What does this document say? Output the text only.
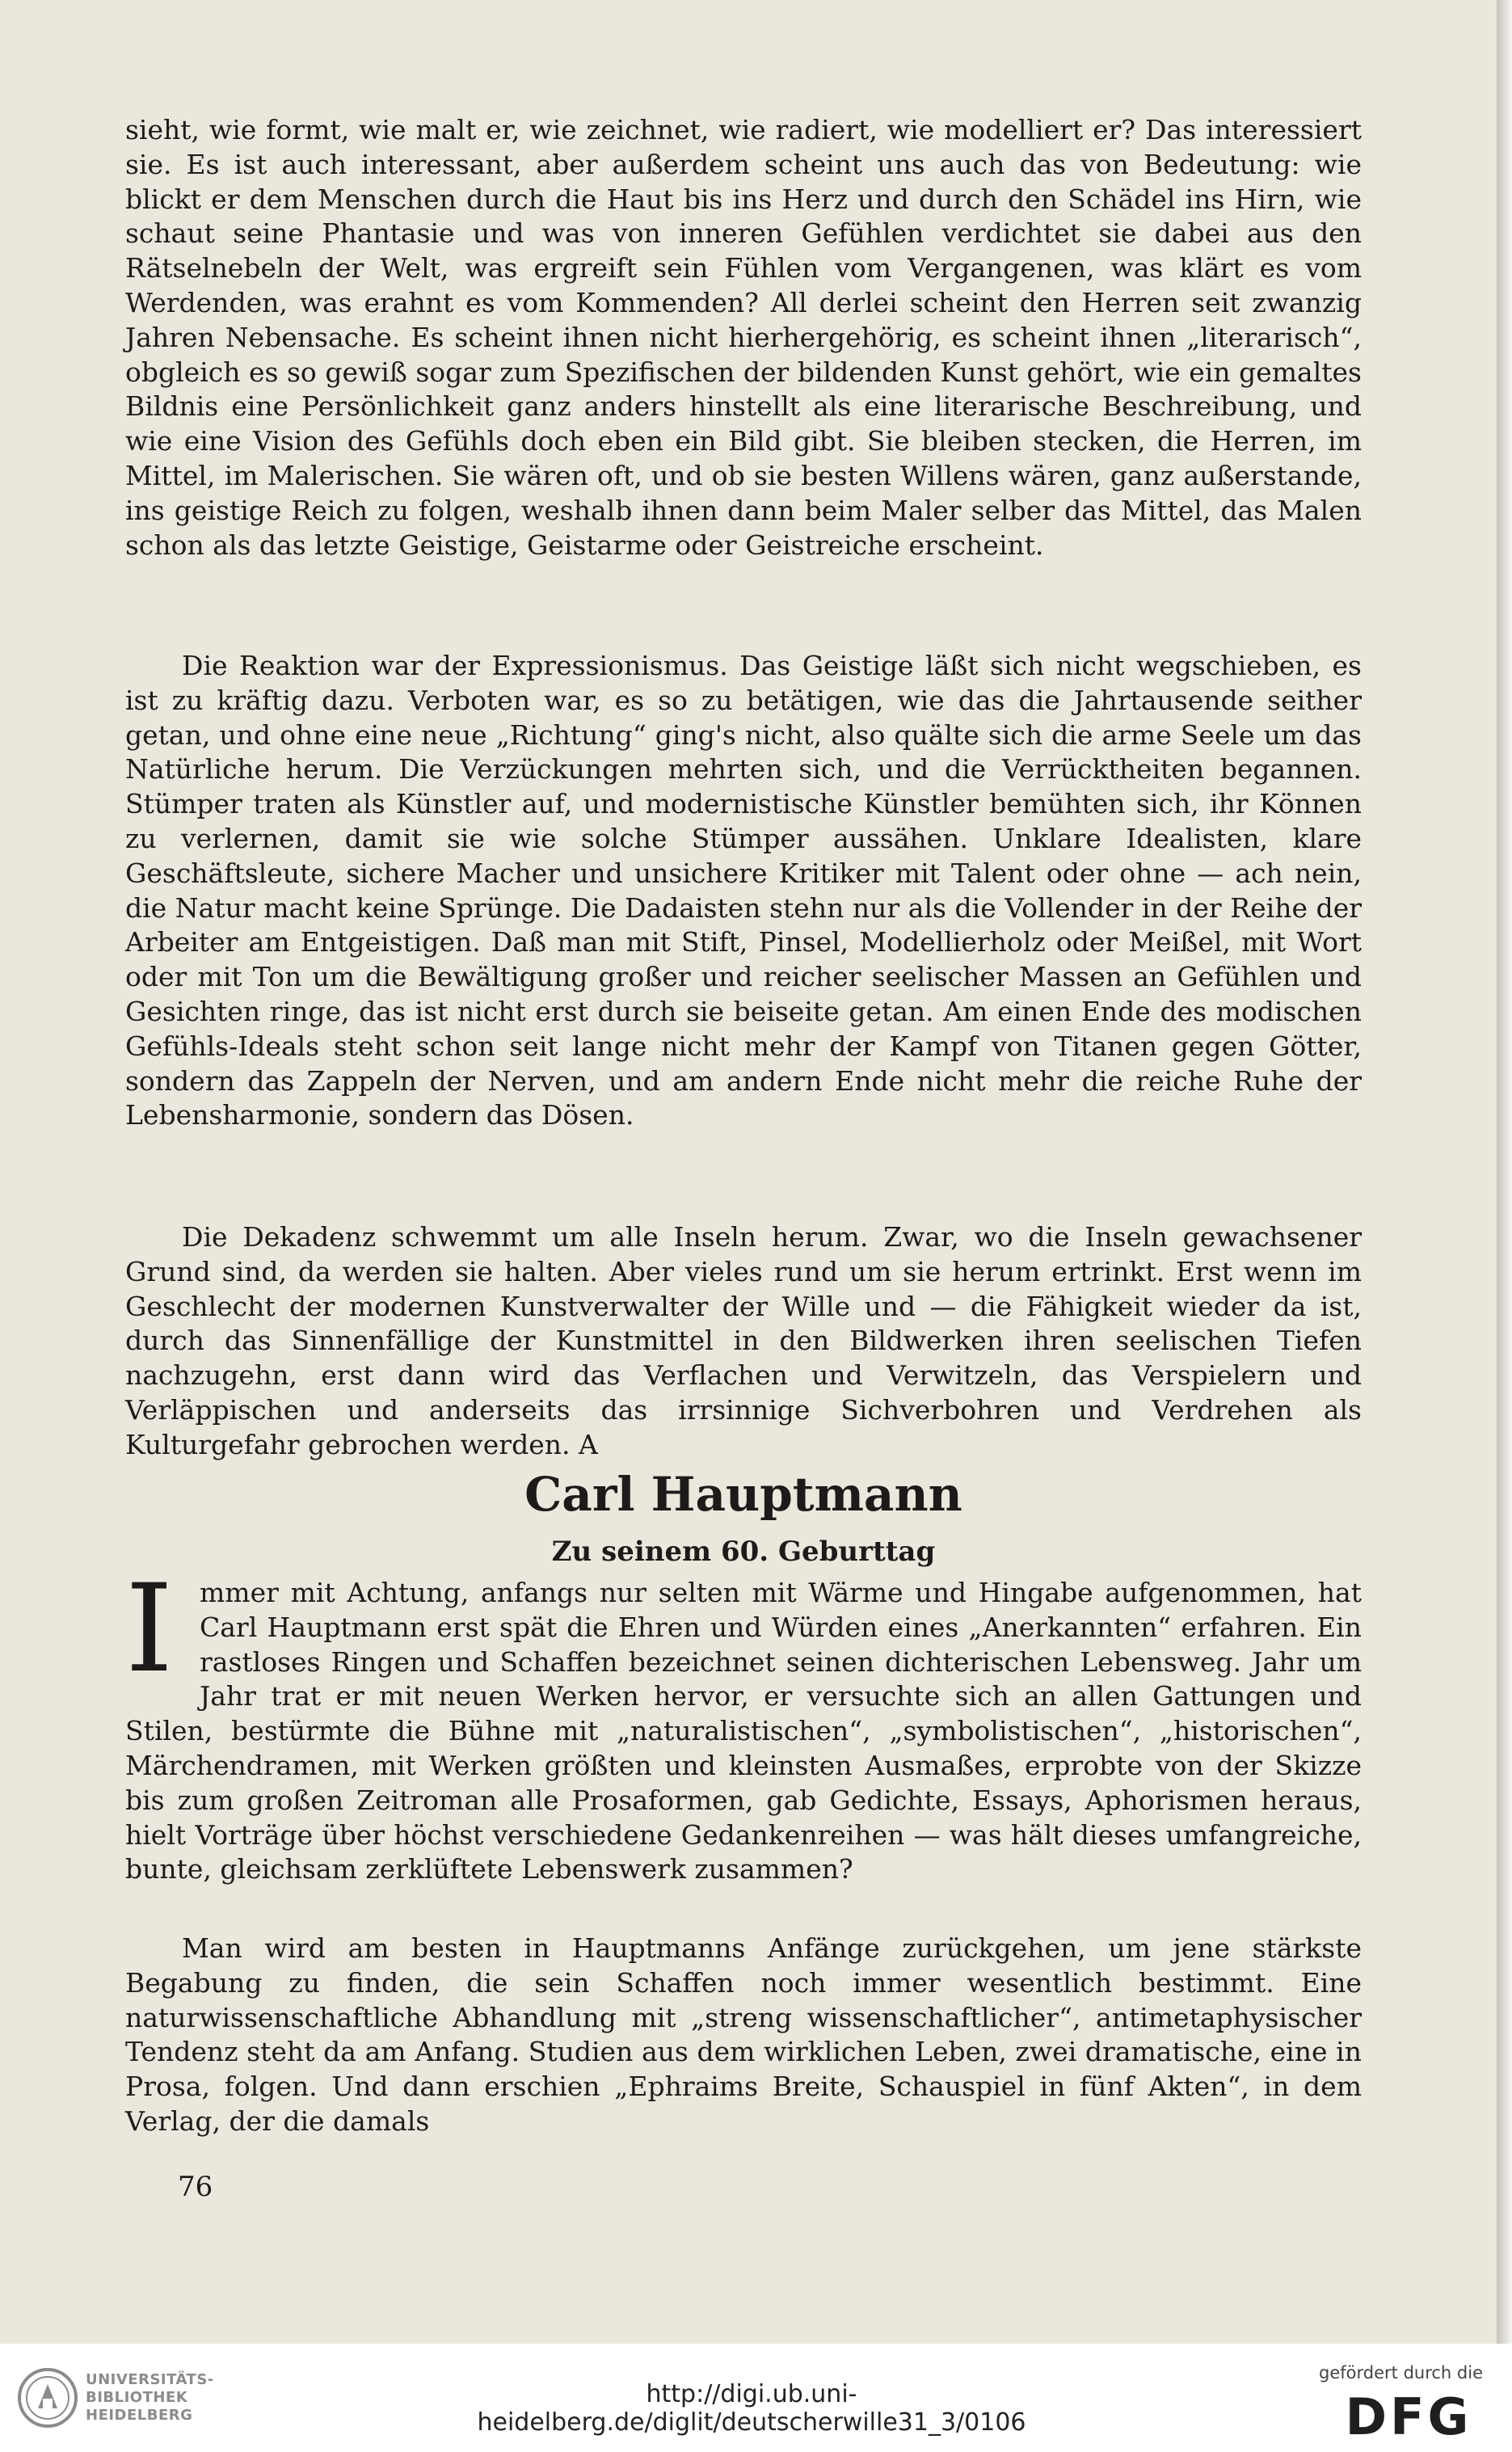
sieht, wie formt, wie malt er, wie zeichnet, wie radiert, wie modelliert er? Das interessiert sie. Es ist auch interessant, aber außerdem scheint uns auch das von Bedeutung: wie blickt er dem Menschen durch die Haut bis ins Herz und durch den Schädel ins Hirn, wie schaut seine Phantasie und was von inneren Gefühlen verdichtet sie dabei aus den Rätselnebeln der Welt, was ergreift sein Fühlen vom Vergangenen, was klärt es vom Werdenden, was erahnt es vom Kommenden? All derlei scheint den Herren seit zwanzig Jahren Nebensache. Es scheint ihnen nicht hierhergehörig, es scheint ihnen „literarisch“, obgleich es so gewiß sogar zum Spezifischen der bildenden Kunst gehört, wie ein gemaltes Bildnis eine Persönlichkeit ganz anders hinstellt als eine literarische Beschreibung, und wie eine Vision des Gefühls doch eben ein Bild gibt. Sie bleiben stecken, die Herren, im Mittel, im Malerischen. Sie wären oft, und ob sie besten Willens wären, ganz außerstande, ins geistige Reich zu folgen, weshalb ihnen dann beim Maler selber das Mittel, das Malen schon als das letzte Geistige, Geistarme oder Geistreiche erscheint.

Die Reaktion war der Expressionismus. Das Geistige läßt sich nicht wegschieben, es ist zu kräftig dazu. Verboten war, es so zu betätigen, wie das die Jahrtausende seither getan, und ohne eine neue „Richtung“ ging's nicht, also quälte sich die arme Seele um das Natürliche herum. Die Verzückungen mehrten sich, und die Verrücktheiten begannen. Stümper traten als Künstler auf, und modernistische Künstler bemühten sich, ihr Können zu verlernen, damit sie wie solche Stümper aussähen. Unklare Idealisten, klare Geschäftsleute, sichere Macher und unsichere Kritiker mit Talent oder ohne — ach nein, die Natur macht keine Sprünge. Die Dadaisten stehn nur als die Vollender in der Reihe der Arbeiter am Entgeistigen. Daß man mit Stift, Pinsel, Modellierholz oder Meißel, mit Wort oder mit Ton um die Bewältigung großer und reicher seelischer Massen an Gefühlen und Gesichten ringe, das ist nicht erst durch sie beiseite getan. Am einen Ende des modischen Gefühls-Ideals steht schon seit lange nicht mehr der Kampf von Titanen gegen Götter, sondern das Zappeln der Nerven, und am andern Ende nicht mehr die reiche Ruhe der Lebensharmonie, sondern das Dösen.

Die Dekadenz schwemmt um alle Inseln herum. Zwar, wo die Inseln gewachsener Grund sind, da werden sie halten. Aber vieles rund um sie herum ertrinkt. Erst wenn im Geschlecht der modernen Kunstverwalter der Wille und — die Fähigkeit wieder da ist, durch das Sinnenfällige der Kunstmittel in den Bildwerken ihren seelischen Tiefen nachzugehn, erst dann wird das Verflachen und Verwitzeln, das Verspielern und Verläppischen und anderseits das irrsinnige Sichverbohren und Verdrehen als Kulturgefahr gebrochen werden. A

Carl Hauptmann
Zu seinem 60. Geburttag

Immer mit Achtung, anfangs nur selten mit Wärme und Hingabe aufgenommen, hat Carl Hauptmann erst spät die Ehren und Würden eines „Anerkannten“ erfahren. Ein rastloses Ringen und Schaffen bezeichnet seinen dichterischen Lebensweg. Jahr um Jahr trat er mit neuen Werken hervor, er versuchte sich an allen Gattungen und Stilen, bestürmte die Bühne mit „naturalistischen“, „symbolistischen“, „historischen“, Märchendramen, mit Werken größten und kleinsten Ausmaßes, erprobte von der Skizze bis zum großen Zeitroman alle Prosaformen, gab Gedichte, Essays, Aphorismen heraus, hielt Vorträge über höchst verschiedene Gedankenreihen — was hält dieses umfangreiche, bunte, gleichsam zerklüftete Lebenswerk zusammen?

Man wird am besten in Hauptmanns Anfänge zurückgehen, um jene stärkste Begabung zu finden, die sein Schaffen noch immer wesentlich bestimmt. Eine naturwissenschaftliche Abhandlung mit „streng wissenschaftlicher“, antimetaphysischer Tendenz steht da am Anfang. Studien aus dem wirklichen Leben, zwei dramatische, eine in Prosa, folgen. Und dann erschien „Ephraims Breite, Schauspiel in fünf Akten“, in dem Verlag, der die damals

76
UNIVERSITÄTS-
BIBLIOTHEK
HEIDELBERG
http://digi.ub.uni-heidelberg.de/diglit/deutscherwille31_3/0106
gefördert durch die
DFG
